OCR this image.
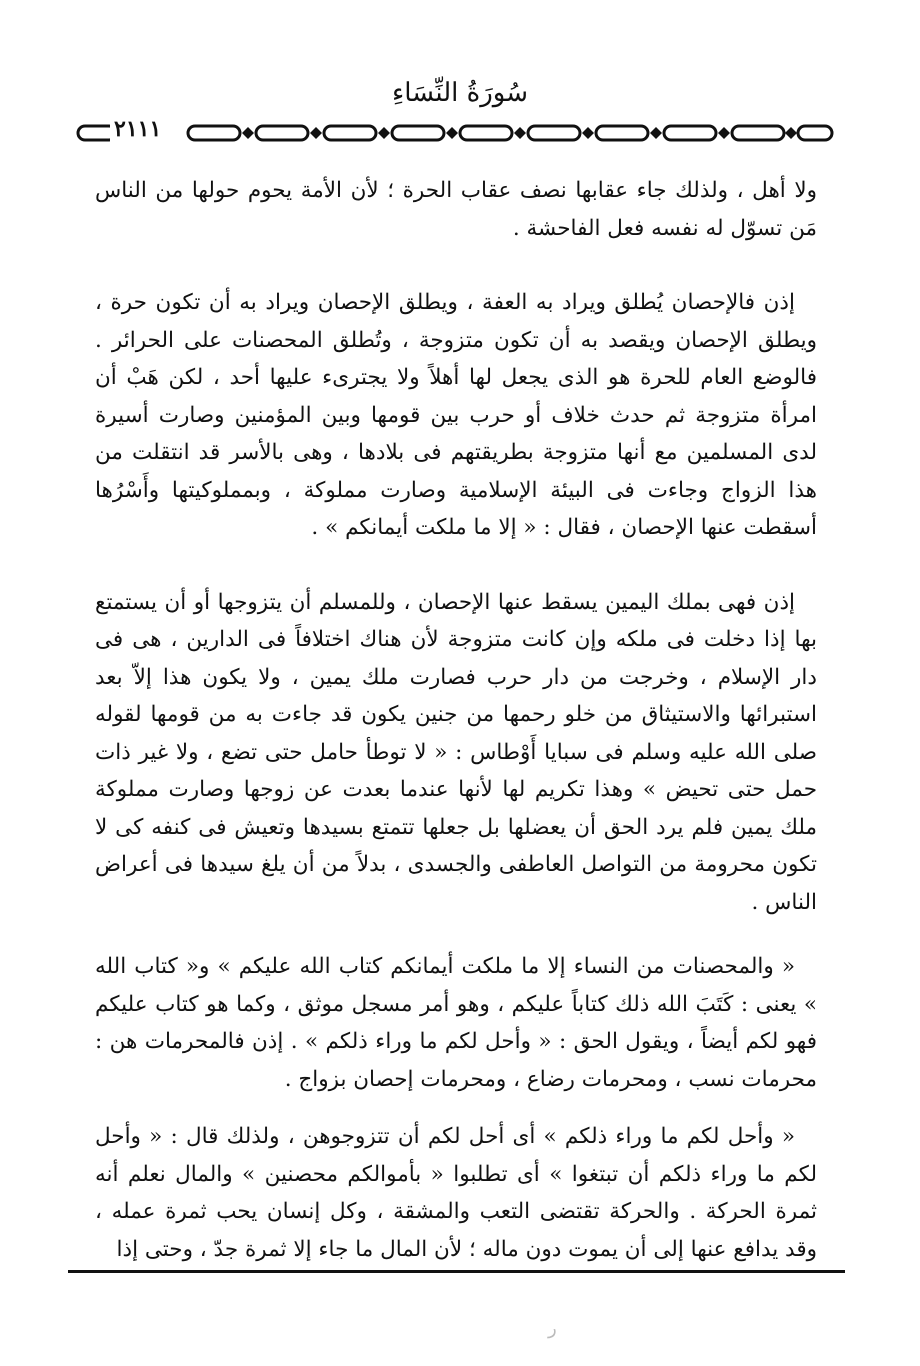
سُورَةُ النِّسَاءِ
٢١١١

ولا أهل ، ولذلك جاء عقابها نصف عقاب الحرة ؛ لأن الأمة يحوم حولها من الناس مَن تسوّل له نفسه فعل الفاحشة .

إذن فالإحصان يُطلق ويراد به العفة ، ويطلق الإحصان ويراد به أن تكون حرة ، ويطلق الإحصان ويقصد به أن تكون متزوجة ، وتُطلق المحصنات على الحرائر . فالوضع العام للحرة هو الذى يجعل لها أهلاً ولا يجترىء عليها أحد ، لكن هَبْ أن امرأة متزوجة ثم حدث خلاف أو حرب بين قومها وبين المؤمنين وصارت أسيرة لدى المسلمين مع أنها متزوجة بطريقتهم فى بلادها ، وهى بالأسر قد انتقلت من هذا الزواج وجاءت فى البيئة الإسلامية وصارت مملوكة ، وبمملوكيتها وأَسْرُها أسقطت عنها الإحصان ، فقال : « إلا ما ملكت أيمانكم » .

إذن فهى بملك اليمين يسقط عنها الإحصان ، وللمسلم أن يتزوجها أو أن يستمتع بها إذا دخلت فى ملكه وإن كانت متزوجة لأن هناك اختلافاً فى الدارين ، هى فى دار الإسلام ، وخرجت من دار حرب فصارت ملك يمين ، ولا يكون هذا إلاّ بعد استبرائها والاستيثاق من خلو رحمها من جنين يكون قد جاءت به من قومها لقوله صلى الله عليه وسلم فى سبايا أَوْطاس : « لا توطأ حامل حتى تضع ، ولا غير ذات حمل حتى تحيض » وهذا تكريم لها لأنها عندما بعدت عن زوجها وصارت مملوكة ملك يمين فلم يرد الحق أن يعضلها بل جعلها تتمتع بسيدها وتعيش فى كنفه كى لا تكون محرومة من التواصل العاطفى والجسدى ، بدلاً من أن يلغ سيدها فى أعراض الناس .

« والمحصنات من النساء إلا ما ملكت أيمانكم كتاب الله عليكم » و« كتاب الله » يعنى : كَتَبَ الله ذلك كتاباً عليكم ، وهو أمر مسجل موثق ، وكما هو كتاب عليكم فهو لكم أيضاً ، ويقول الحق : « وأحل لكم ما وراء ذلكم » . إذن فالمحرمات هن : محرمات نسب ، ومحرمات رضاع ، ومحرمات إحصان بزواج .

« وأحل لكم ما وراء ذلكم » أى أحل لكم أن تتزوجوهن ، ولذلك قال : « وأحل لكم ما وراء ذلكم أن تبتغوا » أى تطلبوا « بأموالكم محصنين » والمال نعلم أنه ثمرة الحركة . والحركة تقتضى التعب والمشقة ، وكل إنسان يحب ثمرة عمله ، وقد يدافع عنها إلى أن يموت دون ماله ؛ لأن المال ما جاء إلا ثمرة جدّ ، وحتى إذا

ر
